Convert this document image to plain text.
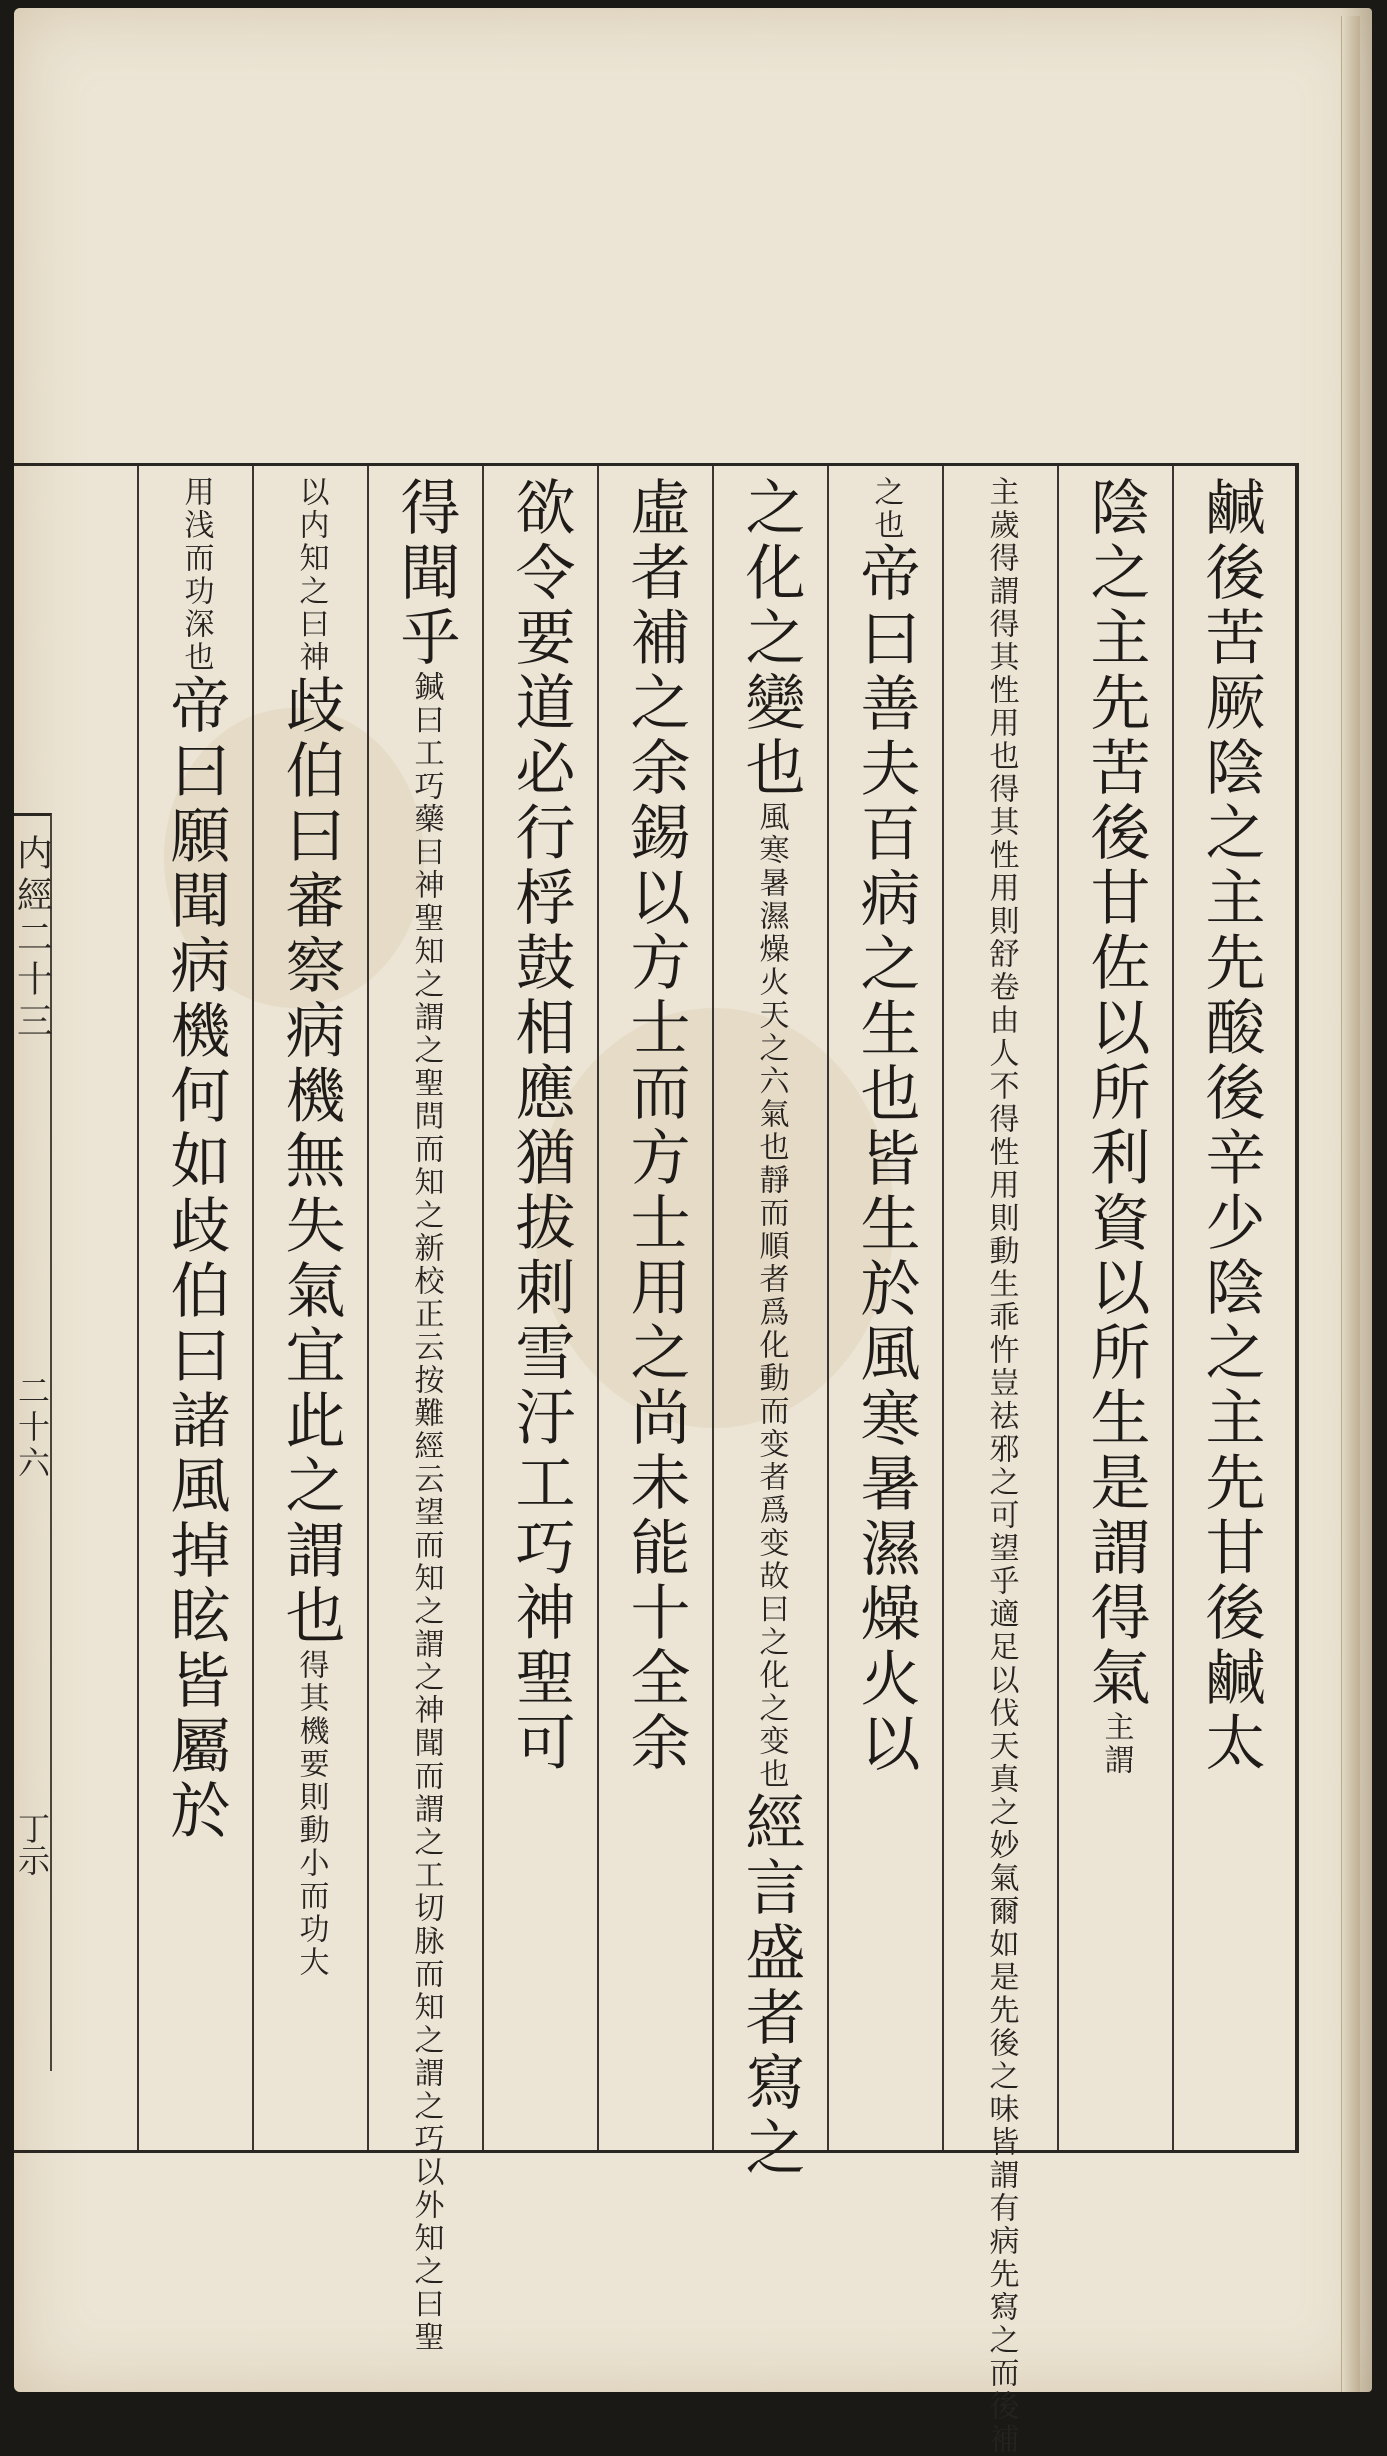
内經二十三
二十六
丁示
鹹後苦厥陰之主先酸後辛少陰之主先甘後鹹太
陰之主先苦後甘佐以所利資以所生是謂得氣
主謂
主歲得謂得其性用也得其性用則舒卷由人不得性用則動生乖忤豈祛邪之可望乎適足以伐天真之妙氣爾如是先後之味皆謂有病先寫之而後補
之也
帝曰善夫百病之生也皆生於風寒暑濕燥火以
之化之變也
風寒暑濕燥火天之六氣也靜而順者爲化動而变者爲变故曰之化之变也
經言盛者寫之
虛者補之余錫以方士而方士用之尚未能十全余
欲令要道必行桴鼓相應猶拔刺雪汙工巧神聖可
得聞乎
鍼曰工巧藥曰神聖知之謂之聖問而知之
新校正云按難經云望而知之謂之神聞而謂之工切脉而知之謂之巧以外知之曰聖
以内知之曰神
歧伯曰審察病機無失氣宜此之謂也
得其機要則動小而功大
用浅而功深也
帝曰願聞病機何如歧伯曰諸風掉眩皆屬於
